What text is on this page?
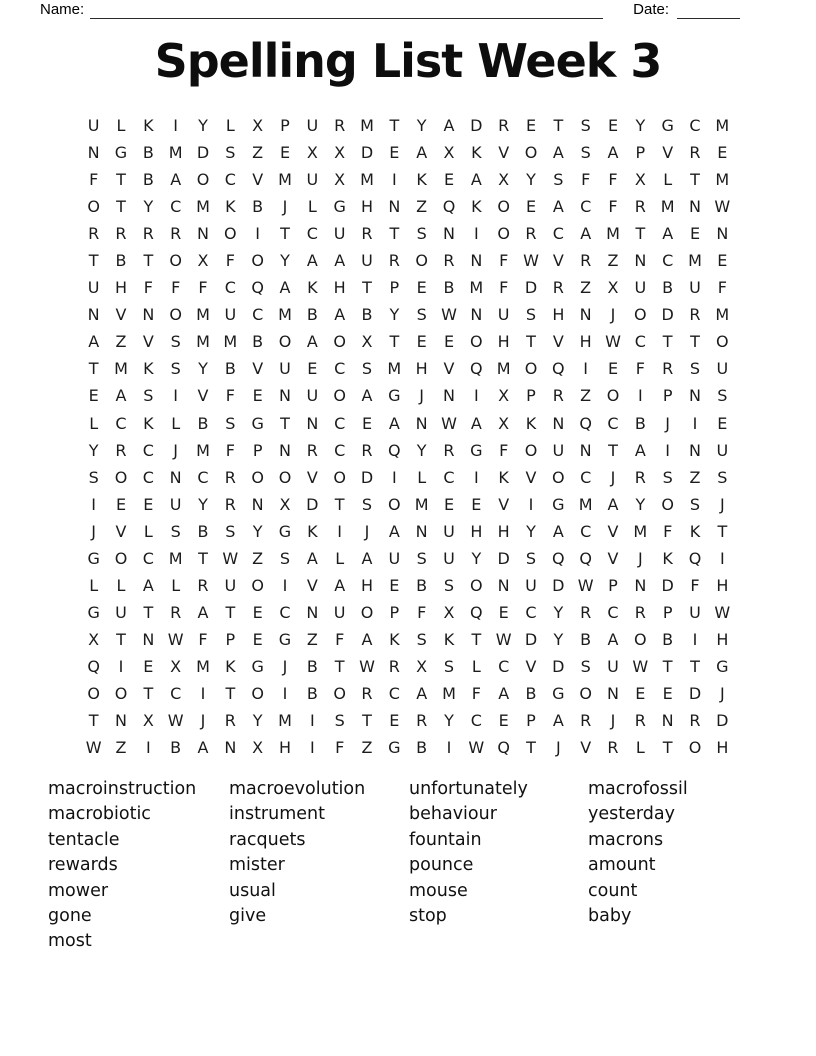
Name:	Date:
Spelling List Week 3
U	L	K	I	Y	L	X	P	U R M T	Y	A D R	E	T	S	E	Y	G C M
N G B M D	S	Z	E	X	X D	E	A	X	K	V O A	S	A	P	V	R	E
F	T	B	A O C	V M U X M	I	K	E	A	X	Y	S	F	F	X	L	T M
O	T	Y	C M K	B	J	L	G H N Z Q K O E	A	C	F	R M N W
R	R	R	R N O	I	T	C U R	T	S	N	I	O R	C	A M T	A	E	N
T	B	T	O X	F	O	Y	A	A U R O R N	F W V	R	Z N C M E
U H	F	F	F	C Q A	K	H	T	P	E	B M F	D R	Z	X	U B U	F
N V N O M U C M B	A	B	Y	S W N U	S	H N	J	O D R M
A	Z	V	S M M B O A O X	T	E	E O H	T	V H W C	T	T	O
T M K	S	Y	B	V U	E	C	S M H V Q M O Q	I	E	F	R	S	U
E	A	S	I	V	F	E	N U O A G	J	N	I	X	P	R	Z O	I	P	N	S
L	C	K	L	B	S	G	T	N C	E	A N W A	X	K	N Q C	B	J	I	E
Y	R	C	J	M F	P	N R	C	R Q	Y	R G	F	O U N	T	A	I	N U
S O C N C	R O O V O D	I	L	C	I	K	V O C	J	R	S	Z	S
I	E	E	U	Y	R N X D	T	S O M E	E	V	I	G M A	Y	O S	J
J	V	L	S	B	S	Y	G K	I	J	A N U H H	Y	A	C	V M F	K	T
G O C M T W Z	S	A	L	A	U	S	U	Y	D	S Q Q V	J	K Q	I
L	L	A	L	R U O	I	V	A H	E	B	S O N U D W P	N D	F	H
G U	T	R	A	T	E	C N U O	P	F	X Q E	C	Y	R	C	R	P	U W
X	T	N W F	P	E	G Z	F	A	K	S	K	T W D	Y	B	A O B	I	H
Q	I	E	X M K G	J	B	T W R	X	S	L	C	V D	S	U W T	T	G
O O	T	C	I	T	O	I	B O R	C	A M F	A	B G O N	E	E	D	J
T	N X W	J	R	Y M	I	S	T	E	R	Y	C	E	P	A	R	J	R N R D
W Z	I	B	A N X H	I	F	Z G B	I	W Q	T	J	V	R	L	T	O H
macroinstruction
macrobiotic
tentacle
rewards
mower
gone
most
macroevolution
instrument
racquets
mister
usual
give
unfortunately
behaviour
fountain
pounce
mouse
stop
macrofossil
yesterday
macrons
amount
count
baby
